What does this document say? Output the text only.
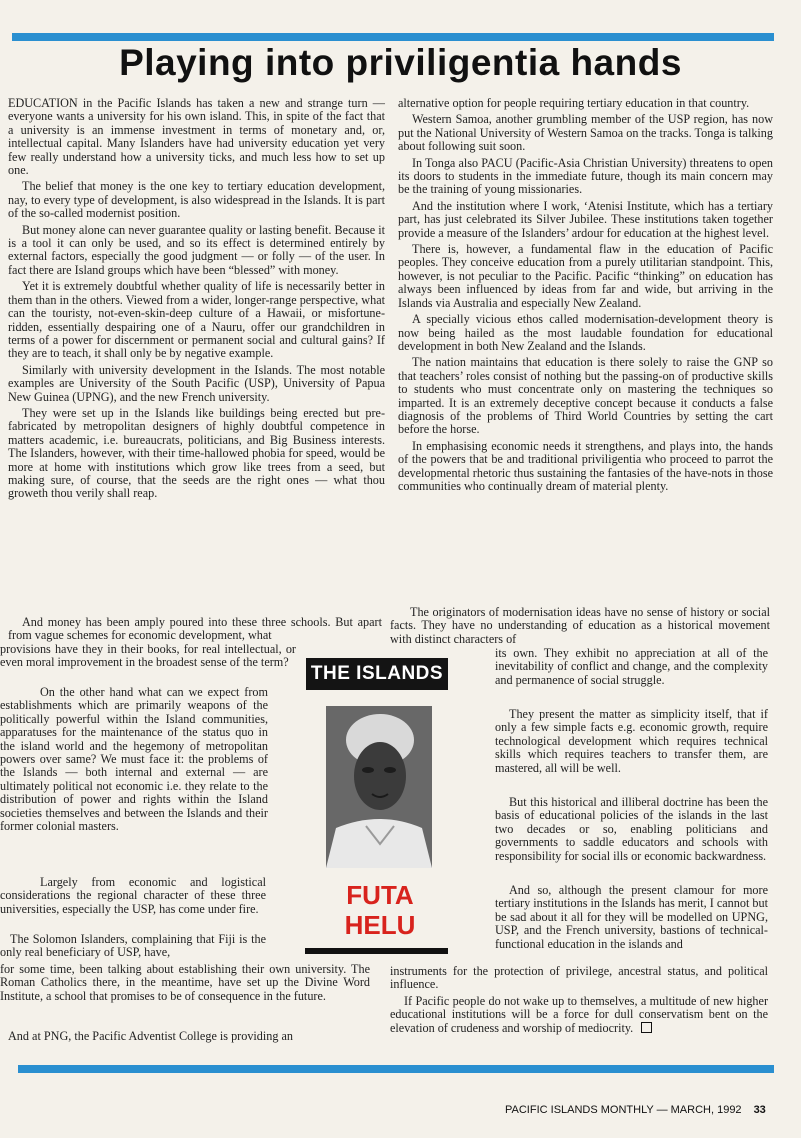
Playing into priviligentia hands

EDUCATION in the Pacific Islands has taken a new and strange turn — everyone wants a university for his own island. This, in spite of the fact that a university is an immense investment in terms of monetary and, or, intellectual capital. Many Islanders have had university education yet very few really understand how a university ticks, and much less how to set up one.

The belief that money is the one key to tertiary education development, nay, to every type of development, is also widespread in the Islands. It is part of the so-called modernist position.

But money alone can never guarantee quality or lasting benefit. Because it is a tool it can only be used, and so its effect is determined entirely by external factors, especially the good judgment — or folly — of the user. In fact there are Island groups which have been “blessed” with money.

Yet it is extremely doubtful whether quality of life is necessarily better in them than in the others. Viewed from a wider, longer-range perspective, what can the touristy, not-even-skin-deep culture of a Hawaii, or misfortune-ridden, essentially despairing one of a Nauru, offer our grandchildren in terms of a power for discernment or permanent social and cultural gains? If they are to teach, it shall only be by negative example.

Similarly with university development in the Islands. The most notable examples are University of the South Pacific (USP), University of Papua New Guinea (UPNG), and the new French university.

They were set up in the Islands like buildings being erected but pre-fabricated by metropolitan designers of highly doubtful competence in matters academic, i.e. bureaucrats, politicians, and Big Business interests. The Islanders, however, with their time-hallowed phobia for speed, would be more at home with institutions which grow like trees from a seed, but making sure, of course, that the seeds are the right ones — what thou groweth thou verily shall reap.

alternative option for people requiring tertiary education in that country.

Western Samoa, another grumbling member of the USP region, has now put the National University of Western Samoa on the tracks. Tonga is talking about following suit soon.

In Tonga also PACU (Pacific-Asia Christian University) threatens to open its doors to students in the immediate future, though its main concern may be the training of young missionaries.

And the institution where I work, ‘Atenisi Institute, which has a tertiary part, has just celebrated its Silver Jubilee. These institutions taken together provide a measure of the Islanders’ ardour for education at the highest level.

There is, however, a fundamental flaw in the education of Pacific peoples. They conceive education from a purely utilitarian standpoint. This, however, is not peculiar to the Pacific. Pacific “thinking” on education has always been influenced by ideas from far and wide, but arriving in the Islands via Australia and especially New Zealand.

A specially vicious ethos called modernisation-development theory is now being hailed as the most laudable foundation for educational development in both New Zealand and the Islands.

The nation maintains that education is there solely to raise the GNP so that teachers’ roles consist of nothing but the passing-on of productive skills to students who must concentrate only on mastering the techniques so imparted. It is an extremely deceptive concept because it conducts a false diagnosis of the problems of Third World Countries by setting the cart before the horse.

In emphasising economic needs it strengthens, and plays into, the hands of the powers that be and traditional priviligentia who proceed to parrot the developmental rhetoric thus sustaining the fantasies of the have-nots in those communities who continually dream of material plenty.

And money has been amply poured into these three schools. But apart from vague schemes for economic development, what
provisions have they in their books, for real intellectual, or even moral improvement in the broadest sense of the term?
On the other hand what can we expect from establishments which are primarily weapons of the politically powerful within the Island communities, apparatuses for the maintenance of the status quo in the island world and the hegemony of metropolitan powers over same? We must face it: the problems of the Islands — both internal and external — are ultimately political not economic i.e. they relate to the distribution of power and rights within the Island societies themselves and between the Islands and their former colonial masters.
Largely from economic and logistical considerations the regional character of these three universities, especially the USP, has come under fire.
The Solomon Islanders, complaining that Fiji is the only real beneficiary of USP, have,
for some time, been talking about establishing their own university. The Roman Catholics there, in the meantime, have set up the Divine Word Institute, a school that promises to be of consequence in the future.
And at PNG, the Pacific Adventist College is providing an
THE ISLANDS
FUTA
HELU
The originators of modernisation ideas have no sense of history or social facts. They have no understanding of education as a historical movement with distinct characters of
its own. They exhibit no appreciation at all of the inevitability of conflict and change, and the complexity and permanence of social struggle.
They present the matter as simplicity itself, that if only a few simple facts e.g. economic growth, require technological development which requires technical skills which requires teachers to transfer them, are mastered, all will be well.
But this historical and illiberal doctrine has been the basis of educational policies of the islands in the last two decades or so, enabling politicians and governments to saddle educators and schools with responsibility for social ills or economic backwardness.
And so, although the present clamour for more tertiary institutions in the Islands has merit, I cannot but be sad about it all for they will be modelled on UPNG, USP, and the French university, bastions of technical-functional education in the islands and
instruments for the protection of privilege, ancestral status, and political influence.
If Pacific people do not wake up to themselves, a multitude of new higher educational institutions will be a force for dull conservatism bent on the elevation of crudeness and worship of mediocrity.
PACIFIC ISLANDS MONTHLY — MARCH, 1992 33
